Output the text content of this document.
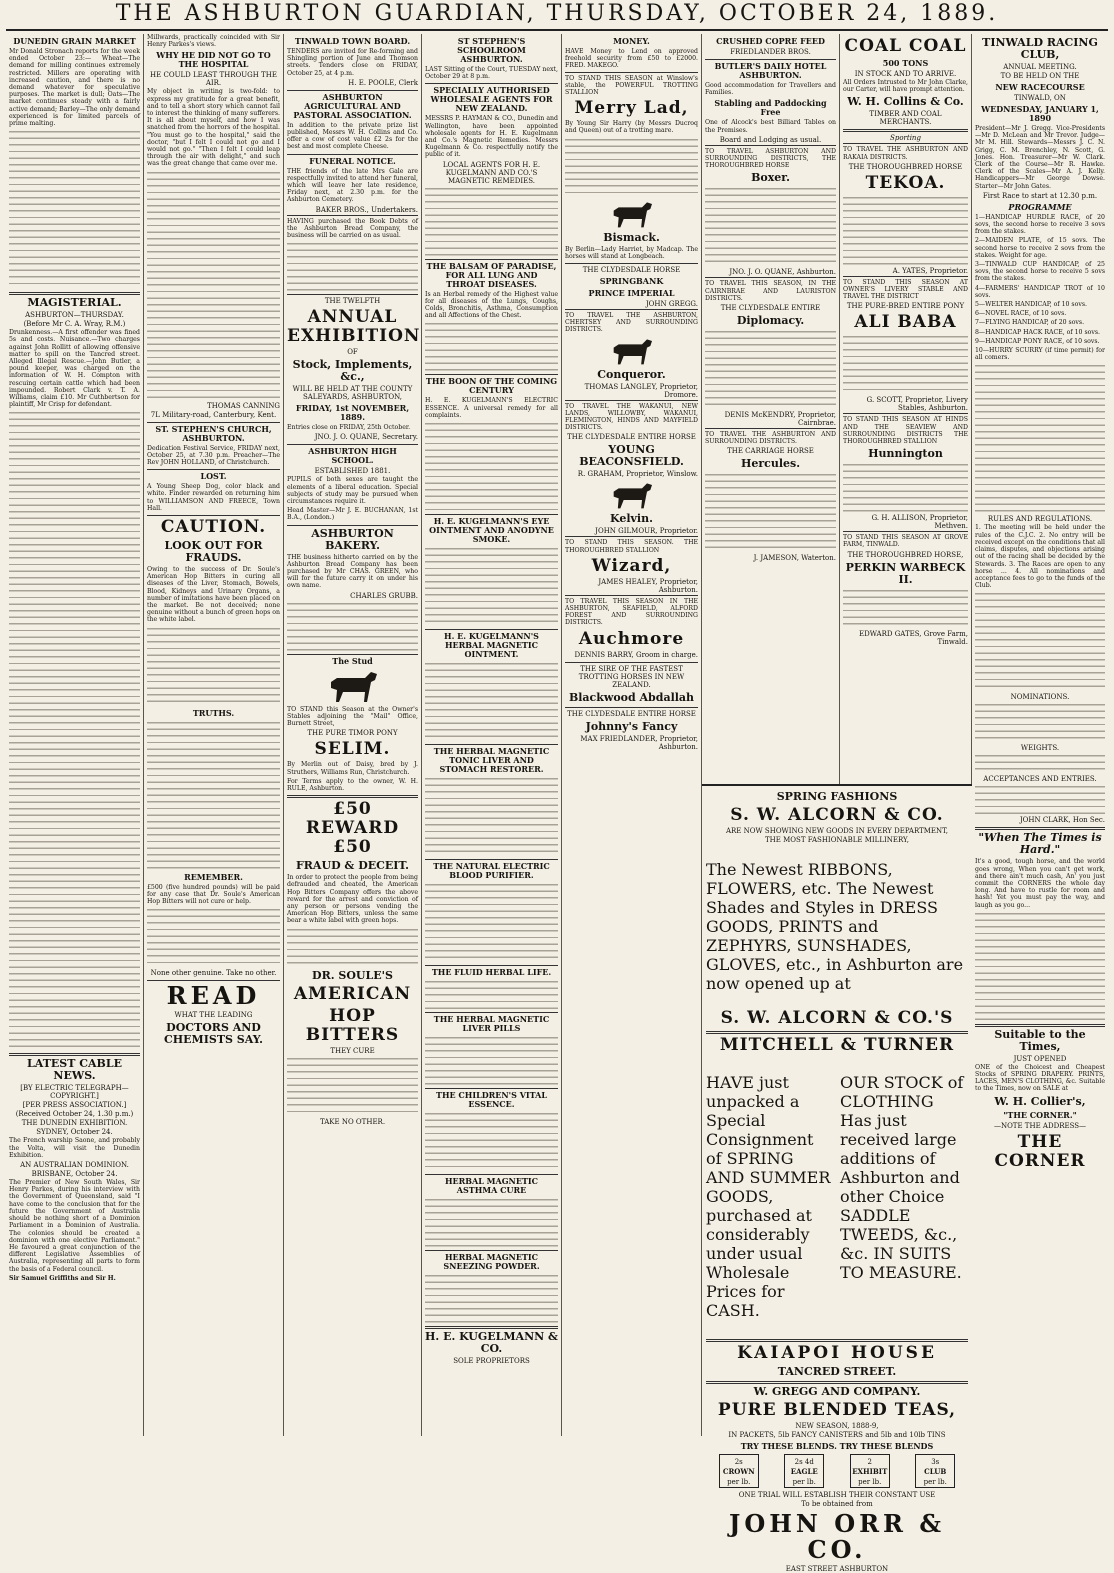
THE ASHBURTON GUARDIAN, THURSDAY, OCTOBER 24, 1889.
DUNEDIN GRAIN MARKET

Mr Donald Stronach reports for the week ended October 23:— Wheat—The demand for milling continues extremely restricted. Millers are operating with increased caution, and there is no demand whatever for speculative purposes. The market is dull; Oats—The market continues steady with a fairly active demand; Barley—The only demand experienced is for limited parcels of prime malting.

MAGISTERIAL.
ASHBURTON—THURSDAY.
(Before Mr C. A. Wray, R.M.)

Drunkenness.—A first offender was fined 5s and costs. Nuisance.—Two charges against John Rollitt of allowing offensive matter to spill on the Tancred street. Alleged Illegal Rescue.—John Butler, a pound keeper, was charged on the information of W. H. Compton with rescuing certain cattle which had been impounded. Robert Clark v. T. A. Williams, claim £10. Mr Cuthbertson for plaintiff, Mr Crisp for defendant.

LATEST CABLE NEWS.
[BY ELECTRIC TELEGRAPH—COPYRIGHT.]
[PER PRESS ASSOCIATION.]
(Received October 24, 1.30 p.m.)
THE DUNEDIN EXHIBITION.
SYDNEY, October 24.

The French warship Saone, and probably the Volta, will visit the Dunedin Exhibition.

AN AUSTRALIAN DOMINION.
BRISBANE, October 24.

The Premier of New South Wales, Sir Henry Parkes, during his interview with the Government of Queensland, said "I have come to the conclusion that for the future the Government of Australia should be nothing short of a Dominion Parliament in a Dominion of Australia. The colonies should be created a dominion with one elective Parliament." He favoured a great conjunction of the different Legislative Assemblies of Australia, representing all parts to form the basis of a Federal council.

Sir Samuel Griffiths and Sir H.

Millwards, practically coincided with Sir Henry Parkes's views.

WHY HE DID NOT GO TO THE HOSPITAL
HE COULD LEAST THROUGH THE AIR.

My object in writing is two-fold: to express my gratitude for a great benefit, and to tell a short story which cannot fail to interest the thinking of many sufferers. It is all about myself, and how I was snatched from the horrors of the hospital. "You must go to the hospital," said the doctor, "but I felt I could not go and I would not go." "Then I felt I could leap through the air with delight," and such was the great change that came over me.

THOMAS CANNING
7L Military-road, Canterbury, Kent.
ST. STEPHEN'S CHURCH, ASHBURTON.

Dedication Festival Service, FRIDAY next, October 25, at 7.30 p.m. Preacher—The Rev JOHN HOLLAND, of Christchurch.

LOST.

A Young Sheep Dog, color black and white. Finder rewarded on returning him to WILLIAMSON AND FREECE, Town Hall.

CAUTION.
LOOK OUT FOR FRAUDS.

Owing to the success of Dr. Soule's American Hop Bitters in curing all diseases of the Liver, Stomach, Bowels, Blood, Kidneys and Urinary Organs, a number of imitations have been placed on the market. Be not deceived; none genuine without a bunch of green hops on the white label.

TRUTHS.

REMEMBER.

£500 (five hundred pounds) will be paid for any case that Dr. Soule's American Hop Bitters will not cure or help.

None other genuine. Take no other.
READ
WHAT THE LEADING
DOCTORS AND CHEMISTS SAY.
TINWALD TOWN BOARD.

TENDERS are invited for Re-forming and Shingling portion of June and Thomson streets. Tenders close on FRIDAY, October 25, at 4 p.m.

H. E. POOLE, Clerk
ASHBURTON AGRICULTURAL AND PASTORAL ASSOCIATION.

In addition to the private prize list published, Messrs W. H. Collins and Co. offer a cow of cost value £2 2s for the best and most complete Cheese.

FUNERAL NOTICE.

THE friends of the late Mrs Gale are respectfully invited to attend her funeral, which will leave her late residence, Friday next, at 2.30 p.m. for the Ashburton Cemetery.

BAKER BROS., Undertakers.

HAVING purchased the Book Debts of the Ashburton Bread Company, the business will be carried on as usual.

THE TWELFTH
ANNUAL EXHIBITION
OF
Stock, Implements, &c.,
WILL BE HELD AT THE COUNTY SALEYARDS, ASHBURTON,
FRIDAY, 1st NOVEMBER, 1889.

Entries close on FRIDAY, 25th October.

JNO. J. O. QUANE, Secretary.
ASHBURTON HIGH SCHOOL.
ESTABLISHED 1881.

PUPILS of both sexes are taught the elements of a liberal education. Special subjects of study may be pursued when circumstances require it.

Head Master—Mr J. E. BUCHANAN, 1st B.A., (London.)

ASHBURTON BAKERY.

THE business hitherto carried on by the Ashburton Bread Company has been purchased by Mr CHAS. GREEN, who will for the future carry it on under his own name.

CHARLES GRUBB.

The Stud

TO STAND this Season at the Owner's Stables adjoining the "Mail" Office, Burnett Street,

THE PURE TIMOR PONY
SELIM.

By Merlin out of Daisy, bred by J. Struthers, Williams Run, Christchurch.

For Terms apply to the owner, W. H. RULE, Ashburton.

£50 REWARD £50
FRAUD & DECEIT.

In order to protect the people from being defrauded and cheated, the American Hop Bitters Company offers the above reward for the arrest and conviction of any person or persons vending the American Hop Bitters, unless the same bear a white label with green hops.

DR. SOULE'S
AMERICAN
HOP BITTERS
THEY CURE

TAKE NO OTHER.
ST STEPHEN'S SCHOOLROOM ASHBURTON.

LAST Sitting of the Court, TUESDAY next, October 29 at 8 p.m.

SPECIALLY AUTHORISED WHOLESALE AGENTS FOR NEW ZEALAND.

MESSRS P. HAYMAN & CO., Dunedin and Wellington, have been appointed wholesale agents for H. E. Kugelmann and Co.'s Magnetic Remedies. Messrs Kugelmann & Co. respectfully notify the public of it.

LOCAL AGENTS FOR H. E. KUGELMANN AND CO.'S MAGNETIC REMEDIES.

THE BALSAM OF PARADISE, FOR ALL LUNG AND THROAT DISEASES.

Is an Herbal remedy of the Highest value for all diseases of the Lungs, Coughs, Colds, Bronchitis, Asthma, Consumption and all Affections of the Chest.

THE BOON OF THE COMING CENTURY

H. E. KUGELMANN'S ELECTRIC ESSENCE. A universal remedy for all complaints.

H. E. KUGELMANN'S EYE OINTMENT AND ANODYNE SMOKE.

H. E. KUGELMANN'S HERBAL MAGNETIC OINTMENT.

THE HERBAL MAGNETIC TONIC LIVER AND STOMACH RESTORER.

THE NATURAL ELECTRIC BLOOD PURIFIER.

THE FLUID HERBAL LIFE.

THE HERBAL MAGNETIC LIVER PILLS

THE CHILDREN'S VITAL ESSENCE.

HERBAL MAGNETIC ASTHMA CURE

HERBAL MAGNETIC SNEEZING POWDER.

H. E. KUGELMANN & CO.
SOLE PROPRIETORS
MONEY.

HAVE Money to Lend on approved freehold security from £50 to £2000. FRED. MAKEGO.

TO STAND THIS SEASON at Winslow's stable, the POWERFUL TROTTING STALLION

Merry Lad,

By Young Sir Harry (by Messrs Ducroq and Queen) out of a trotting mare.

Bismack.

By Berlin—Lady Harriet, by Madcap. The horses will stand at Longbeach.

THE CLYDESDALE HORSE
SPRINGBANK
PRINCE IMPERIAL
JOHN GREGG.

TO TRAVEL THE ASHBURTON, CHERTSEY AND SURROUNDING DISTRICTS.

Conqueror.
THOMAS LANGLEY, Proprietor, Dromore.

TO TRAVEL THE WAKANUI, NEW LANDS, WILLOWBY, WAKANUI, FLEMINGTON, HINDS AND MAYFIELD DISTRICTS.

THE CLYDESDALE ENTIRE HORSE
YOUNG BEACONSFIELD.
R. GRAHAM, Proprietor, Winslow.
Kelvin.
JOHN GILMOUR, Proprietor.

TO STAND THIS SEASON. THE THOROUGHBRED STALLION

Wizard,
JAMES HEALEY, Proprietor, Ashburton.

TO TRAVEL THIS SEASON IN THE ASHBURTON, SEAFIELD, ALFORD FOREST AND SURROUNDING DISTRICTS.

Auchmore
DENNIS BARRY, Groom in charge.
THE SIRE OF THE FASTEST TROTTING HORSES IN NEW ZEALAND.
Blackwood Abdallah
THE CLYDESDALE ENTIRE HORSE
Johnny's Fancy
MAX FRIEDLANDER, Proprietor, Ashburton.
CRUSHED COPRE FEED
FRIEDLANDER BROS.
BUTLER'S DAILY HOTEL ASHBURTON.

Good accommodation for Travellers and Families.

Stabling and Paddocking Free

One of Alcock's best Billiard Tables on the Premises.

Board and Lodging as usual.

TO TRAVEL ASHBURTON AND SURROUNDING DISTRICTS, THE THOROUGHBRED HORSE

Boxer.

JNO. J. O. QUANE, Ashburton.

TO TRAVEL THIS SEASON, IN THE CAIRNBRAE AND LAURISTON DISTRICTS.

THE CLYDESDALE ENTIRE
Diplomacy.

DENIS McKENDRY, Proprietor, Cairnbrae.

TO TRAVEL THE ASHBURTON AND SURROUNDING DISTRICTS.

THE CARRIAGE HORSE
Hercules.

J. JAMESON, Waterton.
SPRING FASHIONS
S. W. ALCORN & CO.
ARE NOW SHOWING NEW GOODS IN EVERY DEPARTMENT,
THE MOST FASHIONABLE MILLINERY,

The Newest RIBBONS, FLOWERS, etc. The Newest Shades and Styles in DRESS GOODS, PRINTS and ZEPHYRS, SUNSHADES, GLOVES, etc., in Ashburton are now opened up at

S. W. ALCORN & CO.'S
MITCHELL & TURNER

HAVE just unpacked a Special Consignment of SPRING AND SUMMER GOODS, purchased at considerably under usual Wholesale Prices for CASH.

OUR STOCK of CLOTHING Has just received large additions of Ashburton and other Choice SADDLE TWEEDS, &c., &c. IN SUITS TO MEASURE.

KAIAPOI HOUSE
TANCRED STREET.
W. GREGG AND COMPANY.
PURE BLENDED TEAS,
NEW SEASON, 1888-9,
IN PACKETS, 5lb FANCY CANISTERS and 5lb and 10lb TINS
TRY THESE BLENDS. TRY THESE BLENDS
2s
CROWN
per lb.
2s 4d
EAGLE
per lb.
2
EXHIBIT
per lb.
3s
CLUB
per lb.
ONE TRIAL WILL ESTABLISH THEIR CONSTANT USE
To be obtained from
JOHN ORR & CO.
EAST STREET ASHBURTON
COAL COAL
500 TONS
IN STOCK AND TO ARRIVE.

All Orders Intrusted to Mr John Clarke, our Carter, will have prompt attention.

W. H. Collins & Co.
TIMBER AND COAL MERCHANTS.
Sporting

TO TRAVEL THE ASHBURTON AND RAKAIA DISTRICTS.

THE THOROUGHBRED HORSE
TEKOA.

A. YATES, Proprietor.

TO STAND THIS SEASON AT OWNER'S LIVERY STABLE AND TRAVEL THE DISTRICT

THE PURE-BRED ENTIRE PONY
ALI BABA

G. SCOTT, Proprietor, Livery Stables, Ashburton.

TO STAND THIS SEASON AT HINDS AND THE SEAVIEW AND SURROUNDING DISTRICTS THE THOROUGHBRED STALLION

Hunnington

G. H. ALLISON, Proprietor, Methven.

TO STAND THIS SEASON AT GROVE FARM, TINWALD.

THE THOROUGHBRED HORSE,
PERKIN WARBECK II.

EDWARD GATES, Grove Farm, Tinwald.
TINWALD RACING CLUB,
ANNUAL MEETING.
TO BE HELD ON THE
NEW RACECOURSE
TINWALD, ON
WEDNESDAY, JANUARY 1, 1890

President—Mr J. Gregg. Vice-Presidents—Mr D. McLean and Mr Trevor. Judge—Mr M. Hill. Stewards—Messrs J. C. N. Grigg, C. M. Brenchley, N. Scott, G. Jones. Hon. Treasurer—Mr W. Clark. Clerk of the Course—Mr R. Hawke. Clerk of the Scales—Mr A. J. Kelly. Handicappers—Mr George Dowse. Starter—Mr John Gates.

First Race to start at 12.30 p.m.
PROGRAMME

1—HANDICAP HURDLE RACE, of 20 sovs, the second horse to receive 3 sovs from the stakes.

2—MAIDEN PLATE, of 15 sovs. The second horse to receive 2 sovs from the stakes. Weight for age.

3—TINWALD CUP HANDICAP, of 25 sovs, the second horse to receive 5 sovs from the stakes.

4—FARMERS' HANDICAP TROT of 10 sovs.

5—WELTER HANDICAP, of 10 sovs.

6—NOVEL RACE, of 10 sovs.

7—FLYING HANDICAP, of 20 sovs.

8—HANDICAP HACK RACE, of 10 sovs.

9—HANDICAP PONY RACE, of 10 sovs.

10—HURRY SCURRY (if time permit) for all comers.

RULES AND REGULATIONS.

1. The meeting will be held under the rules of the C.J.C. 2. No entry will be received except on the conditions that all claims, disputes, and objections arising out of the racing shall be decided by the Stewards. 3. The Races are open to any horse ... 4. All nominations and acceptance fees to go to the funds of the Club.

NOMINATIONS.

WEIGHTS.

ACCEPTANCES AND ENTRIES.

JOHN CLARK, Hon Sec.
"When The Times is Hard."

It's a good, tough horse, and the world goes wrong, When you can't get work, and there ain't much cash, An' you just commit the CORNERS the whole day long. And have to rustle for room and hash! Yet you must pay the way, and laugh as you go...

Suitable to the Times,
JUST OPENED

ONE of the Choicest and Cheapest Stocks of SPRING DRAPERY. PRINTS, LACES, MEN'S CLOTHING, &c. Suitable to the Times, now on SALE at

W. H. Collier's,
"THE CORNER."
—NOTE THE ADDRESS—
THE CORNER
